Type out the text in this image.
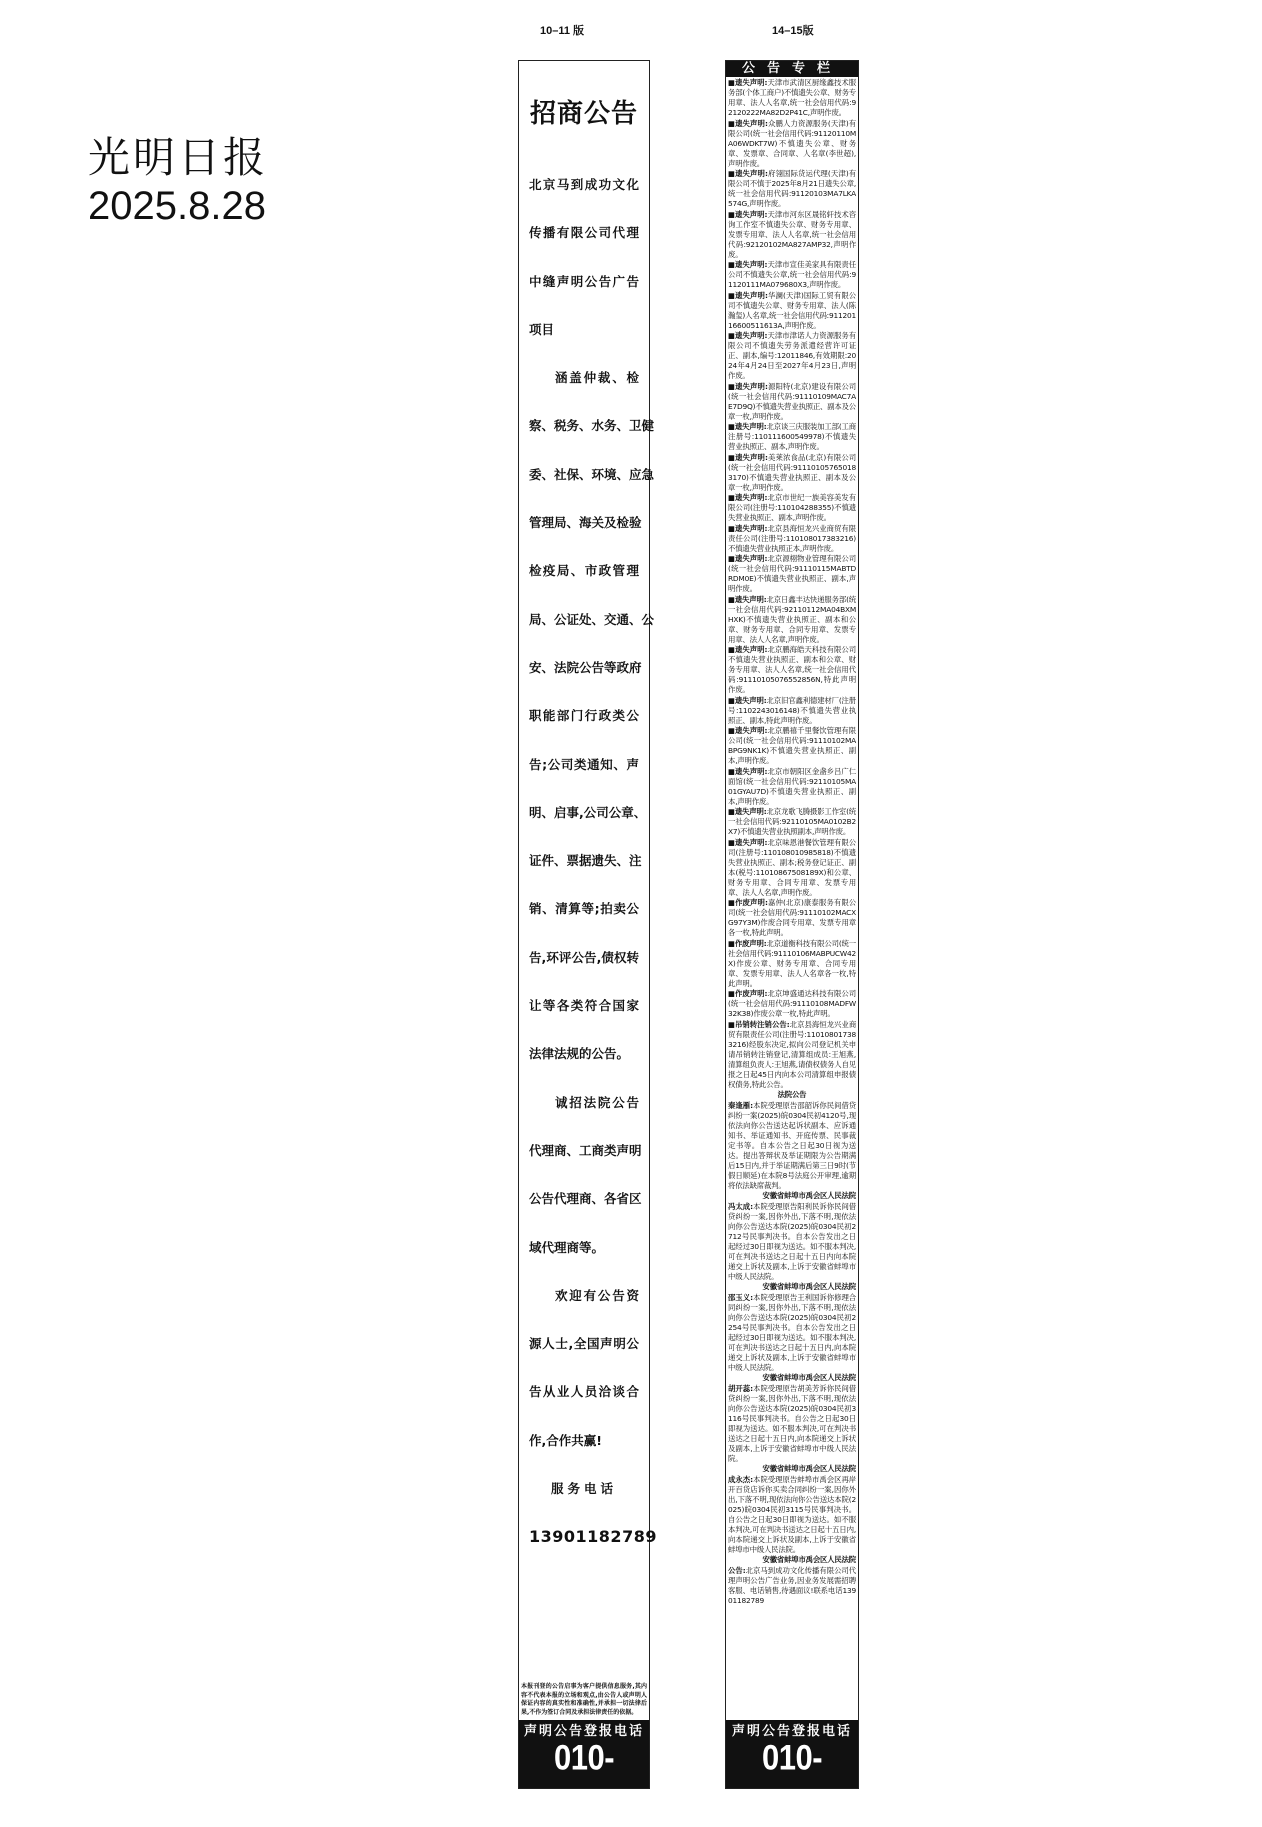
光明日报
2025.8.28
10–11 版	14–15版
招商公告
北京马到成功文化
传播有限公司代理
中缝声明公告广告
项目
涵盖仲裁、检
察、税务、水务、卫健
委、社保、环境、应急
管理局、海关及检验
检疫局、市政管理
局、公证处、交通、公
安、法院公告等政府
职能部门行政类公
告;公司类通知、声
明、启事,公司公章、
证件、票据遗失、注
销、清算等;拍卖公
告,环评公告,债权转
让等各类符合国家
法律法规的公告。
诚招法院公告
代理商、工商类声明
公告代理商、各省区
域代理商等。
欢迎有公告资
源人士,全国声明公
告从业人员洽谈合
作,合作共赢!
服务电话
13901182789
本报刊登的公告启事为客户提供信息服务,其内容不代表本报的立场和观点,由公告人或声明人保证内容的真实性和准确性,并承担一切法律后果,不作为签订合同及承担法律责任的依据。
声明公告登报电话
010-67616666
公告专栏

■遗失声明:天津市武清区厨缘鑫技术服务部(个体工商户)不慎遗失公章、财务专用章、法人人名章,统一社会信用代码:92120222MA82D2P41C,声明作废。

■遗失声明:众鹏人力资源服务(天津)有限公司(统一社会信用代码:91120110MA06WDKT7W)不慎遗失公章、财务章、发票章、合同章、人名章(李世超),声明作废。

■遗失声明:府翎国际货运代理(天津)有限公司不慎于2025年8月21日遗失公章,统一社会信用代码:91120103MA7LKA574G,声明作废。

■遗失声明:天津市河东区晟铭轩技术咨询工作室不慎遗失公章、财务专用章、发票专用章、法人人名章,统一社会信用代码:92120102MA827AMP32,声明作废。

■遗失声明:天津市宣佳美家具有限责任公司不慎遗失公章,统一社会信用代码:91120111MA079680X3,声明作废。

■遗失声明:华澜(天津)国际工贸有限公司不慎遗失公章、财务专用章、法人(陈瀚玺)人名章,统一社会信用代码:91120116600511613A,声明作废。

■遗失声明:天津市津诺人力资源服务有限公司不慎遗失劳务派遣经营许可证正、副本,编号:12011846,有效期限:2024年4月24日至2027年4月23日,声明作废。

■遗失声明:源阳特(北京)建设有限公司(统一社会信用代码:91110109MAC7AE7D9Q)不慎遗失营业执照正、副本及公章一枚,声明作废。

■遗失声明:北京谈三庆服装加工部(工商注册号:110111600549978)不慎遗失营业执照正、副本,声明作废。

■遗失声明:美莱浓食品(北京)有限公司(统一社会信用代码:911101057650183170)不慎遗失营业执照正、副本及公章一枚,声明作废。

■遗失声明:北京市世纪一族美容美发有限公司(注册号:110104288355)不慎遗失营业执照正、副本,声明作废。

■遗失声明:北京县海恒龙兴业商贸有限责任公司(注册号:110108017383216)不慎遗失营业执照正本,声明作废。

■遗失声明:北京源栩物业管理有限公司(统一社会信用代码:91110115MABTDRDM0E)不慎遗失营业执照正、副本,声明作废。

■遗失声明:北京日鑫丰达快递服务部(统一社会信用代码:92110112MA04BXMHXK)不慎遗失营业执照正、副本和公章、财务专用章、合同专用章、发票专用章、法人人名章,声明作废。

■遗失声明:北京鹏海皓天科技有限公司不慎遗失营业执照正、副本和公章、财务专用章、法人人名章,统一社会信用代码:91110105076552856N,特此声明作废。

■遗失声明:北京旧官鑫利德建材厂(注册号:1102243016148)不慎遗失营业执照正、副本,特此声明作废。

■遗失声明:北京鹏禧千里餐饮管理有限公司(统一社会信用代码:91110102MABPG9NK1K)不慎遗失营业执照正、副本,声明作废。

■遗失声明:北京市朝阳区金盏乡吕广仁面馆(统一社会信用代码:92110105MA01GYAU7D)不慎遗失营业执照正、副本,声明作废。

■遗失声明:北京龙歌飞腾摄影工作室(统一社会信用代码:92110105MA0102B2X7)不慎遗失营业执照副本,声明作废。

■遗失声明:北京味恩港餐饮管理有限公司(注册号:110108010985818)不慎遗失营业执照正、副本;税务登记证正、副本(税号:11010867508189X)和公章、财务专用章、合同专用章、发票专用章、法人人名章,声明作废。

■作废声明:嘉仲(北京)康泰服务有限公司(统一社会信用代码:91110102MACXG97Y3M)作废合同专用章、发票专用章各一枚,特此声明。

■作废声明:北京道衡科技有限公司(统一社会信用代码:91110106MABPUCW42X)作废公章、财务专用章、合同专用章、发票专用章、法人人名章各一枚,特此声明。

■作废声明:北京坤盛通达科技有限公司(统一社会信用代码:91110108MADFW32K38)作废公章一枚,特此声明。

■吊销转注销公告:北京县海恒龙兴业商贸有限责任公司(注册号:110108017383216)经股东决定,拟向公司登记机关申请吊销转注销登记,清算组成员:王旭燕,清算组负责人:王旭燕,请债权债务人自见报之日起45日内向本公司清算组申报债权债务,特此公告。

法院公告

秦逢雁:本院受理原告邵韶诉你民间借贷纠纷一案(2025)皖0304民初4120号,现依法向你公告送达起诉状副本、应诉通知书、举证通知书、开庭传票、民事裁定书等。自本公告之日起30日视为送达。提出答辩状及举证期限为公告期满后15日内,并于举证期满后第三日9时(节假日顺延)在本院8号法庭公开审理,逾期将依法缺席裁判。

安徽省蚌埠市禹会区人民法院

冯太成:本院受理原告阳利民诉你民间借贷纠纷一案,因你外出,下落不明,现依法向你公告送达本院(2025)皖0304民初2712号民事判决书。自本公告发出之日起经过30日即视为送达。如不服本判决,可在判决书送达之日起十五日内向本院递交上诉状及副本,上诉于安徽省蚌埠市中级人民法院。

安徽省蚌埠市禹会区人民法院

邵玉义:本院受理原告王利国诉你修理合同纠纷一案,因你外出,下落不明,现依法向你公告送达本院(2025)皖0304民初2254号民事判决书。自本公告发出之日起经过30日即视为送达。如不服本判决,可在判决书送达之日起十五日内,向本院递交上诉状及副本,上诉于安徽省蚌埠市中级人民法院。

安徽省蚌埠市禹会区人民法院

胡开蕊:本院受理原告胡美芳诉你民间借贷纠纷一案,因你外出,下落不明,现依法向你公告送达本院(2025)皖0304民初3116号民事判决书。自公告之日起30日即视为送达。如不服本判决,可在判决书送达之日起十五日内,向本院递交上诉状及副本,上诉于安徽省蚌埠市中级人民法院。

安徽省蚌埠市禹会区人民法院

成永杰:本院受理原告蚌埠市禹会区再岸开百货店诉你买卖合同纠纷一案,因你外出,下落不明,现依法向你公告送达本院(2025)皖0304民初3115号民事判决书。自公告之日起30日即视为送达。如不服本判决,可在判决书送达之日起十五日内,向本院递交上诉状及副本,上诉于安徽省蚌埠市中级人民法院。

安徽省蚌埠市禹会区人民法院

公告:北京马到成功文化传播有限公司代理声明公告广告业务,因业务发展需招聘客服、电话销售,待遇面议!联系电话13901182789

声明公告登报电话
010-67616666
